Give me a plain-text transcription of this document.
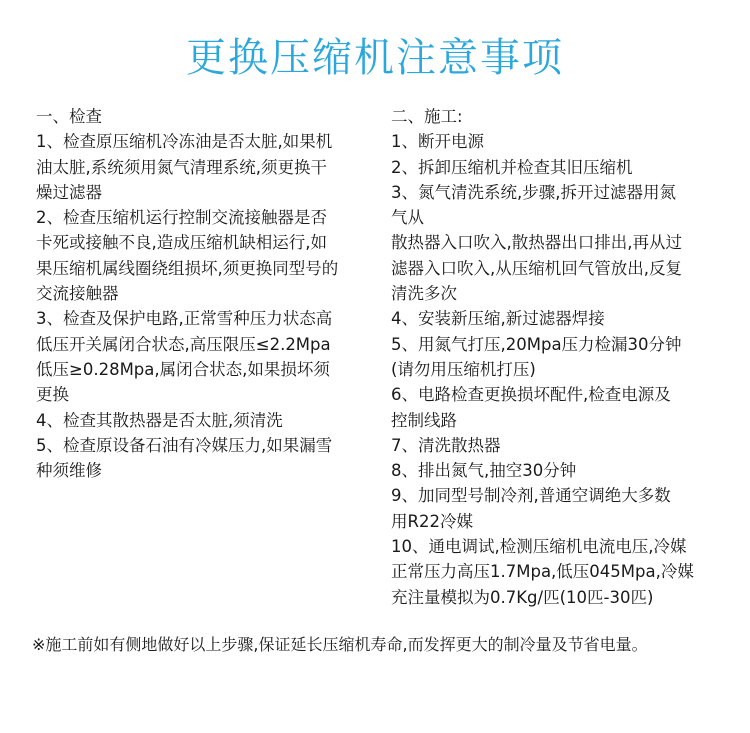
更换压缩机注意事项
一、检查
1、检查原压缩机冷冻油是否太脏,如果机
油太脏,系统须用氮气清理系统,须更换干
燥过滤器
2、检查压缩机运行控制交流接触器是否
卡死或接触不良,造成压缩机缺相运行,如
果压缩机属线圈绕组损坏,须更换同型号的
交流接触器
3、检查及保护电路,正常雪种压力状态高
低压开关属闭合状态,高压限压≤2.2Mpa
低压≥0.28Mpa,属闭合状态,如果损坏须
更换
4、检查其散热器是否太脏,须清洗
5、检查原设备石油有冷媒压力,如果漏雪
种须维修
二、施工:
1、断开电源
2、拆卸压缩机并检查其旧压缩机
3、氮气清洗系统,步骤,拆开过滤器用氮
气从
散热器入口吹入,散热器出口排出,再从过
滤器入口吹入,从压缩机回气管放出,反复
清洗多次
4、安装新压缩,新过滤器焊接
5、用氮气打压,20Mpa压力检漏30分钟
(请勿用压缩机打压)
6、电路检查更换损坏配件,检查电源及
控制线路
7、清洗散热器
8、排出氮气,抽空30分钟
9、加同型号制冷剂,普通空调绝大多数
用R22冷媒
10、通电调试,检测压缩机电流电压,冷媒
正常压力高压1.7Mpa,低压045Mpa,冷媒
充注量模拟为0.7Kg/匹(10匹-30匹)
※施工前如有侧地做好以上步骤,保证延长压缩机寿命,而发挥更大的制冷量及节省电量。
